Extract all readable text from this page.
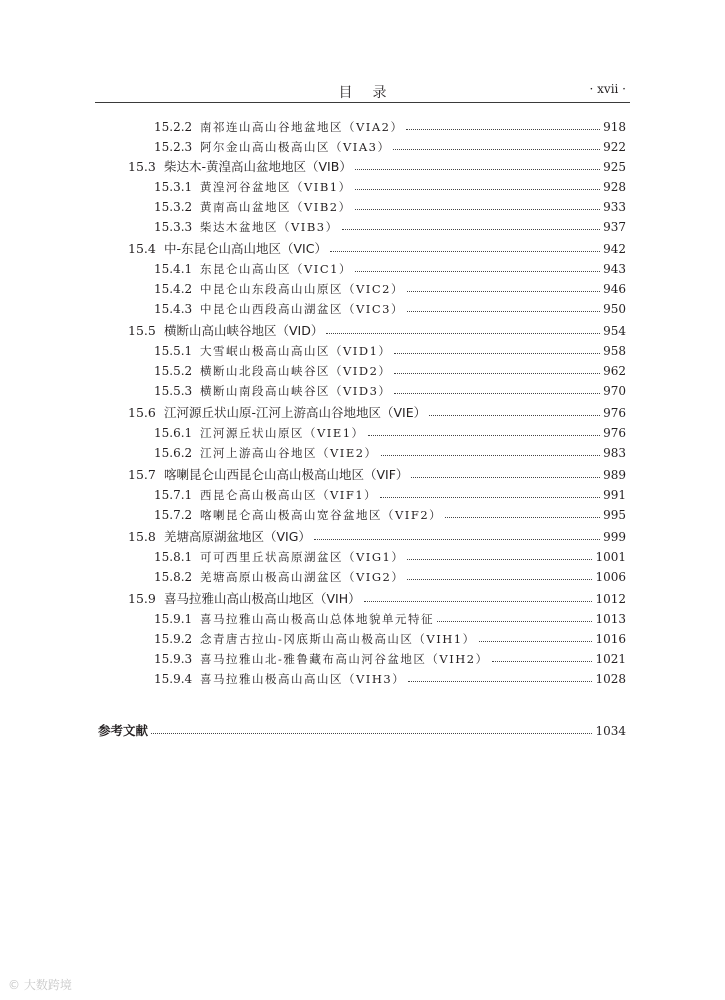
目录	· xvii ·
15.2.2 南祁连山高山谷地盆地区（VIA2）	918
15.2.3 阿尔金山高山极高山区（VIA3）	922
15.3 柴达木-黄湟高山盆地地区（VIB）	925
15.3.1 黄湟河谷盆地区（VIB1）	928
15.3.2 黄南高山盆地区（VIB2）	933
15.3.3 柴达木盆地区（VIB3）	937
15.4 中-东昆仑山高山地区（VIC）	942
15.4.1 东昆仑山高山区（VIC1）	943
15.4.2 中昆仑山东段高山山原区（VIC2）	946
15.4.3 中昆仑山西段高山湖盆区（VIC3）	950
15.5 横断山高山峡谷地区（VID）	954
15.5.1 大雪岷山极高山高山区（VID1）	958
15.5.2 横断山北段高山峡谷区（VID2）	962
15.5.3 横断山南段高山峡谷区（VID3）	970
15.6 江河源丘状山原-江河上游高山谷地地区（VIE）	976
15.6.1 江河源丘状山原区（VIE1）	976
15.6.2 江河上游高山谷地区（VIE2）	983
15.7 喀喇昆仑山西昆仑山高山极高山地区（VIF）	989
15.7.1 西昆仑高山极高山区（VIF1）	991
15.7.2 喀喇昆仑高山极高山宽谷盆地区（VIF2）	995
15.8 羌塘高原湖盆地区（VIG）	999
15.8.1 可可西里丘状高原湖盆区（VIG1）	1001
15.8.2 羌塘高原山极高山湖盆区（VIG2）	1006
15.9 喜马拉雅山高山极高山地区（VIH）	1012
15.9.1 喜马拉雅山高山极高山总体地貌单元特征	1013
15.9.2 念青唐古拉山-冈底斯山高山极高山区（VIH1）	1016
15.9.3 喜马拉雅山北-雅鲁藏布高山河谷盆地区（VIH2）	1021
15.9.4 喜马拉雅山极高山高山区（VIH3）	1028
参考文献	1034
© 大数跨境
